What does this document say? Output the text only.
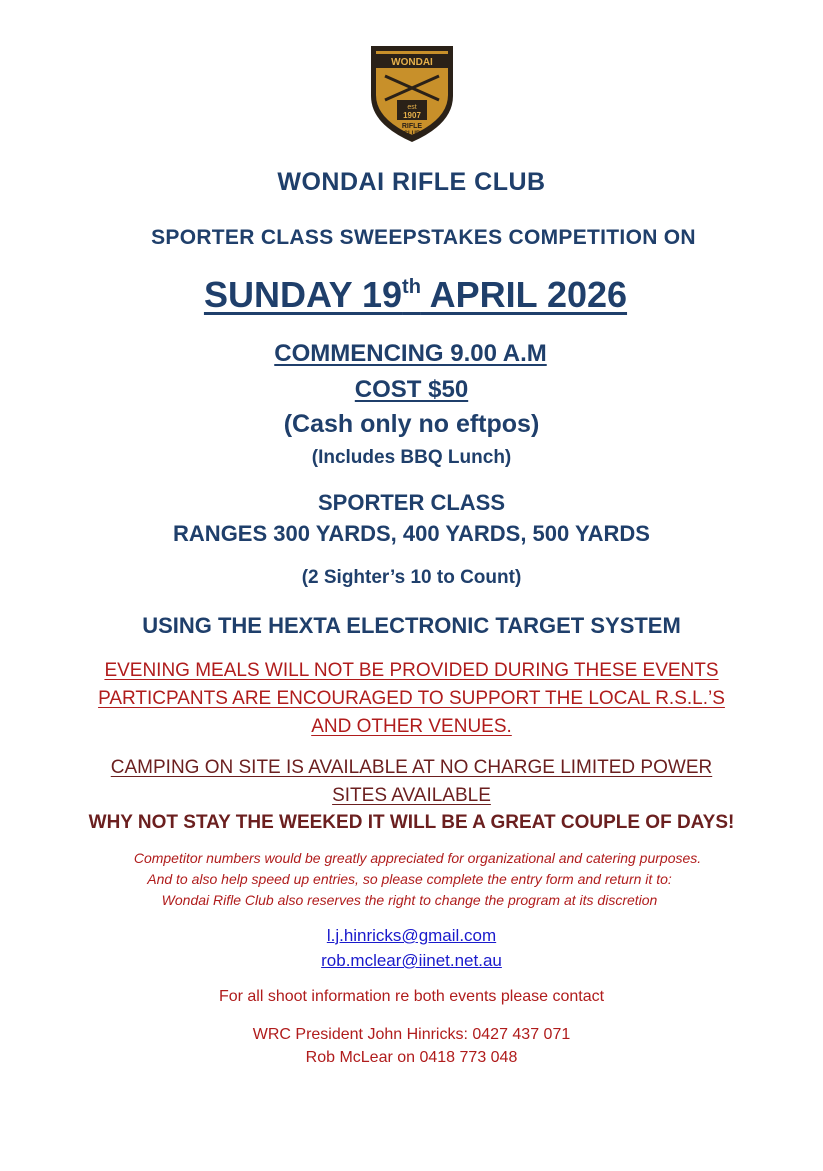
WONDAI
est
1907
RIFLE
CLUB
WONDAI RIFLE CLUB
SPORTER CLASS SWEEPSTAKES COMPETITION ON
SUNDAY 19th APRIL 2026
COMMENCING 9.00 A.M
COST $50
(Cash only no eftpos)
(Includes BBQ Lunch)
SPORTER CLASS
RANGES 300 YARDS, 400 YARDS, 500 YARDS
(2 Sighter’s 10 to Count)
USING THE HEXTA ELECTRONIC TARGET SYSTEM
EVENING MEALS WILL NOT BE PROVIDED DURING THESE EVENTS
PARTICPANTS ARE ENCOURAGED TO SUPPORT THE LOCAL R.S.L.’S
AND OTHER VENUES.
CAMPING ON SITE IS AVAILABLE AT NO CHARGE LIMITED POWER
SITES AVAILABLE
WHY NOT STAY THE WEEKED IT WILL BE A GREAT COUPLE OF DAYS!
Competitor numbers would be greatly appreciated for organizational and catering purposes.
And to also help speed up entries, so please complete the entry form and return it to:
Wondai Rifle Club also reserves the right to change the program at its discretion
l.j.hinricks@gmail.com
rob.mclear@iinet.net.au
For all shoot information re both events please contact
WRC President John Hinricks: 0427 437 071
Rob McLear on 0418 773 048
